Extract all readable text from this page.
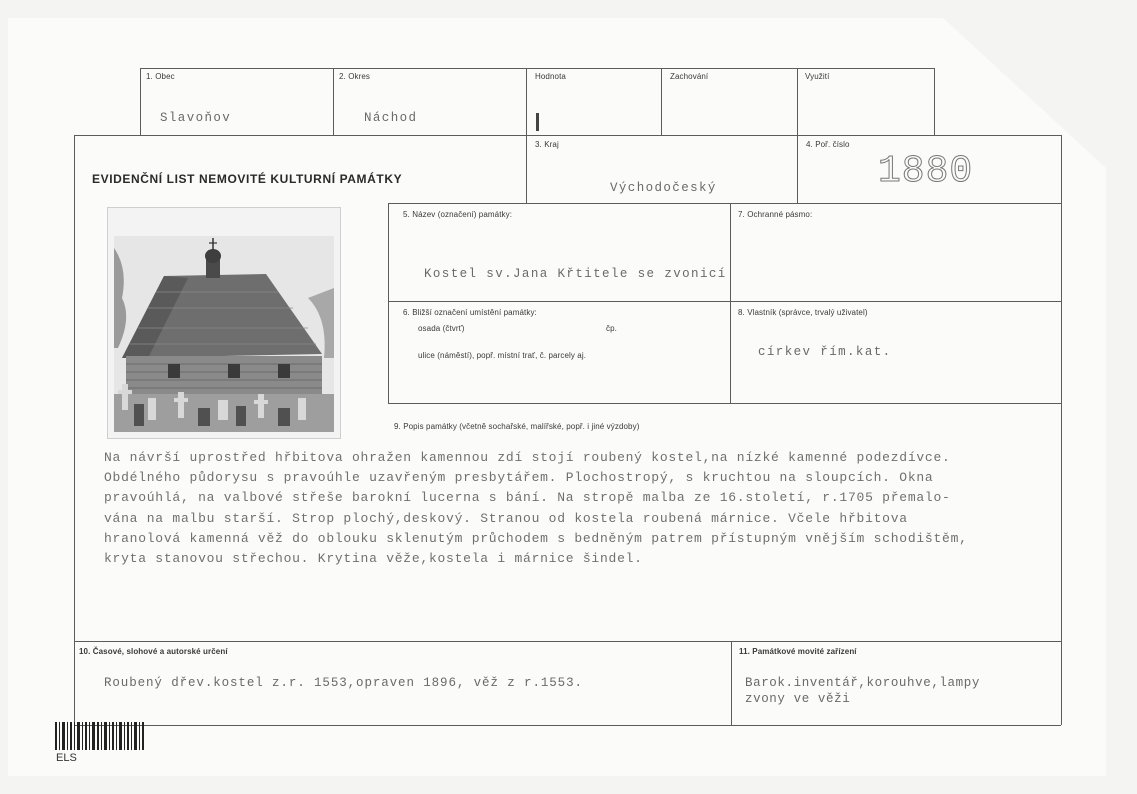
1. Obec
Slavoňov
2. Okres
Náchod
Hodnota	Zachování	Využití
EVIDENČNÍ LIST NEMOVITÉ KULTURNÍ PAMÁTKY
3. Kraj
Východočeský
4. Poř. číslo
1880
5. Název (označení) památky:
Kostel sv.Jana Křtitele se zvonicí
7. Ochranné pásmo:
6. Bližší označení umístění památky:
osada (čtvrť)	čp.
ulice (náměstí), popř. místní trať, č. parcely aj.
8. Vlastník (správce, trvalý uživatel)
církev řím.kat.
9. Popis památky (včetně sochařské, malířské, popř. i jiné výzdoby)
Na návrší uprostřed hřbitova ohražen kamennou zdí stojí roubený kostel,na nízké kamenné podezdívce.
Obdélného půdorysu s pravoúhle uzavřeným presbytářem. Plochostropý, s kruchtou na sloupcích. Okna
pravoúhlá, na valbové střeše barokní lucerna s bání. Na stropě malba ze 16.století, r.1705 přemalo-
vána na malbu starší. Strop plochý,deskový. Stranou od kostela roubená márnice. Včele hřbitova
hranolová kamenná věž do oblouku sklenutým průchodem s bedněným patrem přístupným vnějším schodištěm,
kryta stanovou střechou. Krytina věže,kostela i márnice šindel.
10. Časové, slohové a autorské určení
Roubený dřev.kostel z.r. 1553,opraven 1896, věž z r.1553.
11. Památkové movité zařízení
Barok.inventář,korouhve,lampy
zvony ve věži
ELS
